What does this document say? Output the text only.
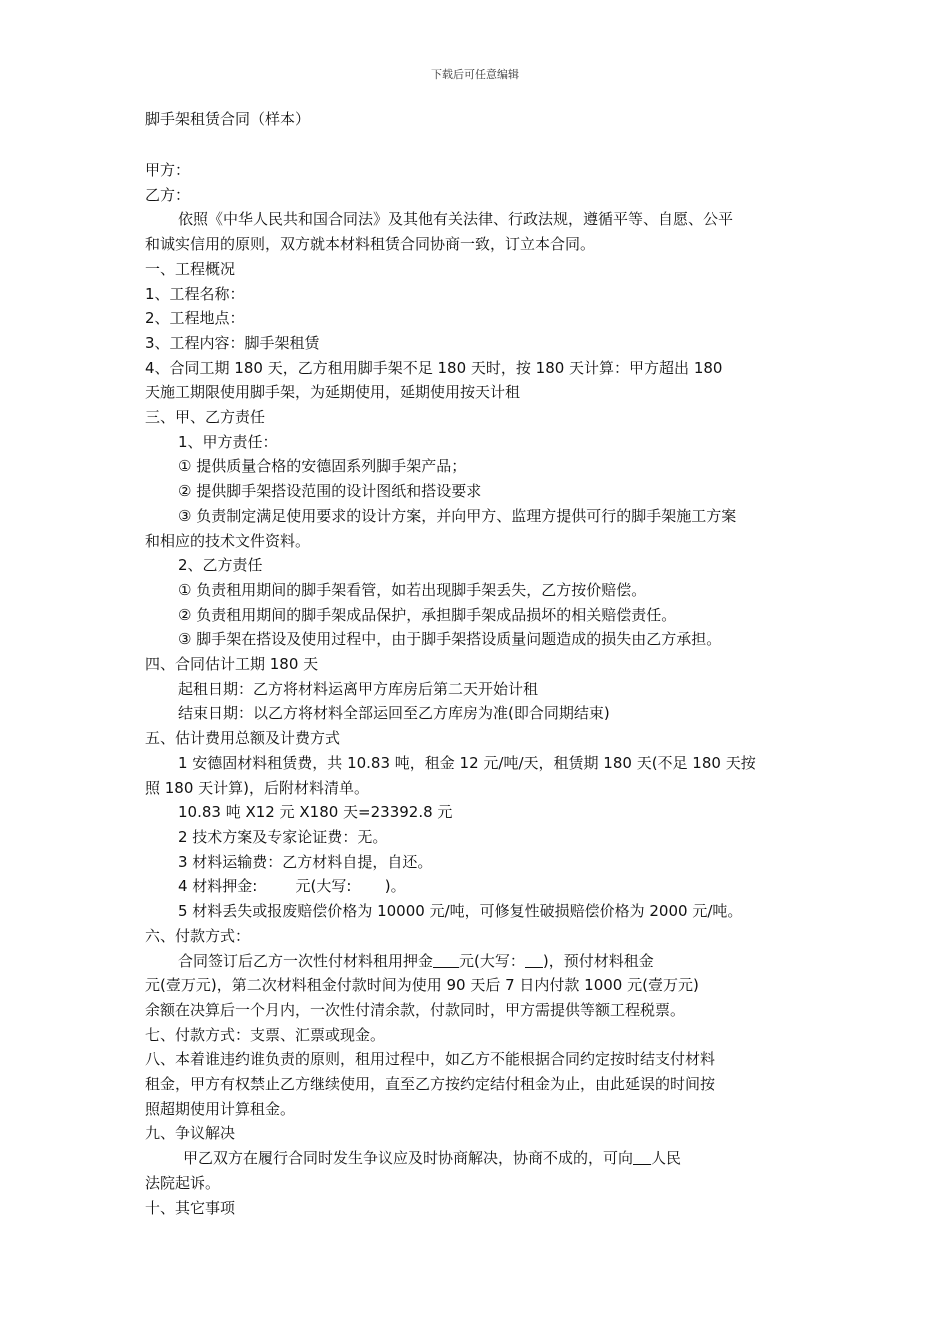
下载后可任意编辑
脚手架租赁合同（样本）
甲方：
乙方：
依照《中华人民共和国合同法》及其他有关法律、行政法规，遵循平等、自愿、公平
和诚实信用的原则，双方就本材料租赁合同协商一致，订立本合同。
一、工程概况
1、工程名称：
2、工程地点：
3、工程内容：脚手架租赁
4、合同工期 180 天，乙方租用脚手架不足 180 天时，按 180 天计算：甲方超出 180
天施工期限使用脚手架，为延期使用，延期使用按天计租
三、甲、乙方责任
1、甲方责任：
① 提供质量合格的安德固系列脚手架产品；
② 提供脚手架搭设范围的设计图纸和搭设要求
③ 负责制定满足使用要求的设计方案，并向甲方、监理方提供可行的脚手架施工方案
和相应的技术文件资料。
2、乙方责任
① 负责租用期间的脚手架看管，如若出现脚手架丢失，乙方按价赔偿。
② 负责租用期间的脚手架成品保护，承担脚手架成品损坏的相关赔偿责任。
③ 脚手架在搭设及使用过程中，由于脚手架搭设质量问题造成的损失由乙方承担。
四、合同估计工期 180 天
起租日期：乙方将材料运离甲方库房后第二天开始计租
结束日期：以乙方将材料全部运回至乙方库房为准(即合同期结束)
五、估计费用总额及计费方式
1 安德固材料租赁费，共 10.83 吨，租金 12 元/吨/天，租赁期 180 天(不足 180 天按
照 180 天计算)，后附材料清单。
10.83 吨 X12 元 X180 天=23392.8 元
2 技术方案及专家论证费：无。
3 材料运输费：乙方材料自提，自还。
4 材料押金:        元(大写:       )。
5 材料丢失或报废赔偿价格为 10000 元/吨，可修复性破损赔偿价格为 2000 元/吨。
六、付款方式：
合同签订后乙方一次性付材料租用押金 元(大写： )，预付材料租金
元(壹万元)，第二次材料租金付款时间为使用 90 天后 7 日内付款 1000 元(壹万元)
余额在决算后一个月内，一次性付清余款，付款同时，甲方需提供等额工程税票。
七、付款方式：支票、汇票或现金。
八、本着谁违约谁负责的原则，租用过程中，如乙方不能根据合同约定按时结支付材料
租金，甲方有权禁止乙方继续使用，直至乙方按约定结付租金为止，由此延误的时间按
照超期使用计算租金。
九、争议解决
甲乙双方在履行合同时发生争议应及时协商解决，协商不成的，可向 人民
法院起诉。
十、其它事项
